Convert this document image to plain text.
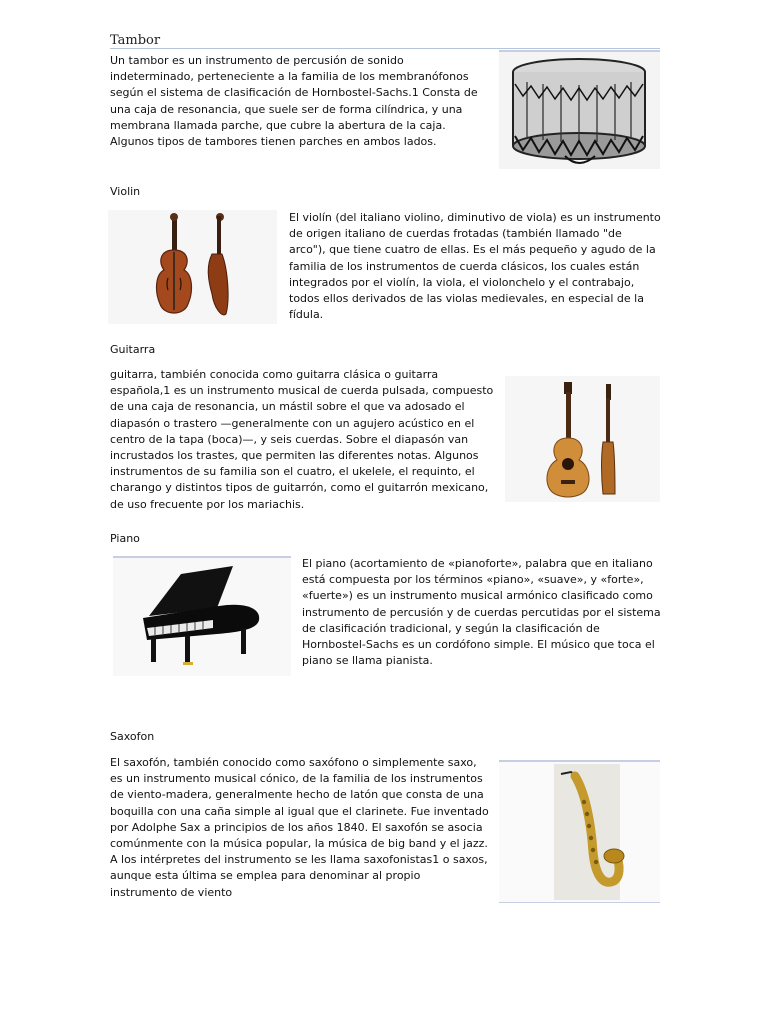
Tambor
Un tambor es un instrumento de percusión de sonido indeterminado, perteneciente a la familia de los membranófonos según el sistema de clasificación de Hornbostel-Sachs.1 Consta de una caja de resonancia, que suele ser de forma cilíndrica, y una membrana llamada parche, que cubre la abertura de la caja. Algunos tipos de tambores tienen parches en ambos lados.
Violin
El violín (del italiano violino, diminutivo de viola) es un instrumento de origen italiano de cuerdas frotadas (también llamado "de arco"), que tiene cuatro de ellas. Es el más pequeño y agudo de la familia de los instrumentos de cuerda clásicos, los cuales están integrados por el violín, la viola, el violonchelo y el contrabajo, todos ellos derivados de las violas medievales, en especial de la fídula.
Guitarra
guitarra, también conocida como guitarra clásica o guitarra española,1 es un instrumento musical de cuerda pulsada, compuesto de una caja de resonancia, un mástil sobre el que va adosado el diapasón o trastero —generalmente con un agujero acústico en el centro de la tapa (boca)—, y seis cuerdas. Sobre el diapasón van incrustados los trastes, que permiten las diferentes notas. Algunos instrumentos de su familia son el cuatro, el ukelele, el requinto, el charango y distintos tipos de guitarrón, como el guitarrón mexicano, de uso frecuente por los mariachis.
Piano
El piano (acortamiento de «pianoforte», palabra que en italiano está compuesta por los términos «piano», «suave», y «forte», «fuerte») es un instrumento musical armónico clasificado como instrumento de percusión y de cuerdas percutidas por el sistema de clasificación tradicional, y según la clasificación de Hornbostel-Sachs es un cordófono simple. El músico que toca el piano se llama pianista.
Saxofon
El saxofón, también conocido como saxófono o simplemente saxo, es un instrumento musical cónico, de la familia de los instrumentos de viento-madera, generalmente hecho de latón que consta de una boquilla con una caña simple al igual que el clarinete. Fue inventado por Adolphe Sax a principios de los años 1840. El saxofón se asocia comúnmente con la música popular, la música de big band y el jazz. A los intérpretes del instrumento se les llama saxofonistas1 o saxos, aunque esta última se emplea para denominar al propio instrumento de viento
